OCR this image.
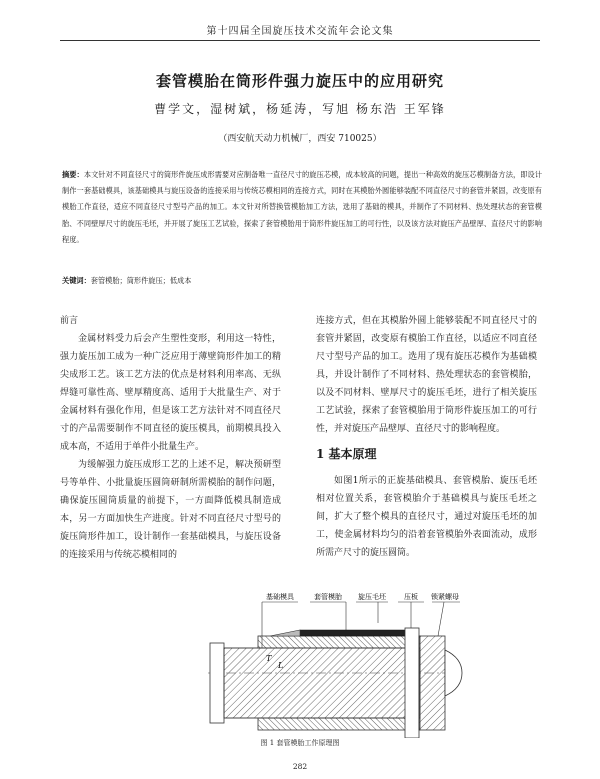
第十四届全国旋压技术交流年会论文集
套管模胎在筒形件强力旋压中的应用研究
曹学文，湿树斌，杨延涛，写旭 杨东浩 王军锋
（西安航天动力机械厂，西安 710025）
摘要：本文针对不同直径尺寸的筒形件旋压成形需要对应制备唯一直径尺寸的旋压芯模，成本较高的问题，提出一种高效的旋压芯模制备方法，即设计制作一套基础模具，该基础模具与旋压设备的连接采用与传统芯模相同的连接方式，同时在其模胎外圆能够装配不同直径尺寸的套管并紧固，改变原有模胎工作直径，适应不同直径尺寸型号产品的加工。本文针对所替换管模胎加工方法，选用了基础的模具，并制作了不同材料、热处理状态的套管模胎、不同壁厚尺寸的旋压毛坯，并开展了旋压工艺试验，探索了套管模胎用于筒形件旋压加工的可行性，以及该方法对旋压产品壁厚、直径尺寸的影响程度。
关键词：套管模胎；筒形件旋压；低成本

前言

金属材料受力后会产生塑性变形，利用这一特性，强力旋压加工成为一种广泛应用于薄壁筒形件加工的精尖成形工艺。该工艺方法的优点是材料利用率高、无纵焊缝可靠性高、壁厚精度高、适用于大批量生产、对于金属材料有强化作用，但是该工艺方法针对不同直径尺寸的产品需要制作不同直径的旋压模具，前期模具投入成本高，不适用于单件小批量生产。

为缓解强力旋压成形工艺的上述不足，解决预研型号等单件、小批量旋压圆筒研制所需模胎的制作问题，确保旋压圆筒质量的前提下，一方面降低模具制造成本，另一方面加快生产进度。针对不同直径尺寸型号的旋压筒形件加工，设计制作一套基础模具，与旋压设备的连接采用与传统芯模相同的

连接方式，但在其模胎外圆上能够装配不同直径尺寸的套管并紧固，改变原有模胎工作直径，以适应不同直径尺寸型号产品的加工。选用了现有旋压芯模作为基础模具，并设计制作了不同材料、热处理状态的套管模胎，以及不同材料、壁厚尺寸的旋压毛坯，进行了相关旋压工艺试验，探索了套管模胎用于筒形件旋压加工的可行性，并对旋压产品壁厚、直径尺寸的影响程度。

1 基本原理

如图1所示的正旋基础模具、套管模胎、旋压毛坯相对位置关系，套管模胎介于基础模具与旋压毛坯之间，扩大了整个模具的直径尺寸，通过对旋压毛坯的加工，使金属材料均匀的沿着套管模胎外表面流动，成形所需产尺寸的旋压圆筒。

基础模具	套管模胎 旋压毛坯	压板 锁紧螺母
T
L
图 1 套管模胎工作原理图
282
